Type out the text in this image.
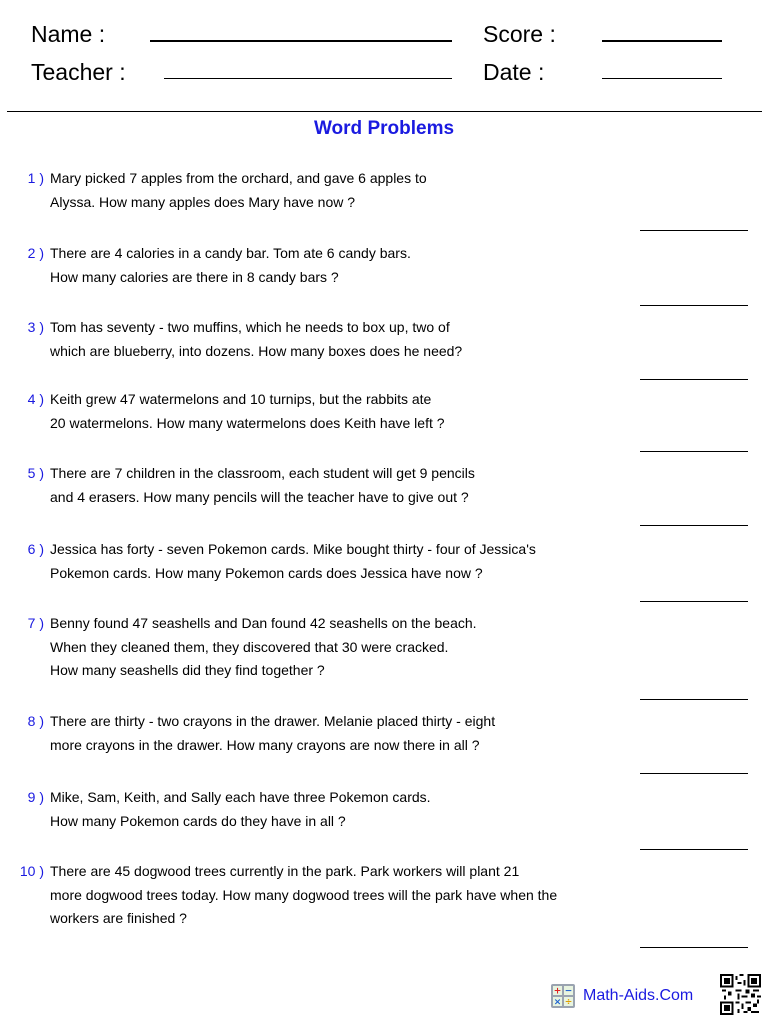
Name :
Teacher :
Score :
Date :
Word Problems
1 ) Mary picked 7 apples from the orchard, and gave 6 apples to
Alyssa. How many apples does Mary have now ?
2 ) There are 4 calories in a candy bar. Tom ate 6 candy bars.
How many calories are there in 8 candy bars ?
3 ) Tom has seventy - two muffins, which he needs to box up, two of
which are blueberry, into dozens. How many boxes does he need?
4 ) Keith grew 47 watermelons and 10 turnips, but the rabbits ate
20 watermelons. How many watermelons does Keith have left ?
5 ) There are 7 children in the classroom, each student will get 9 pencils
and 4 erasers. How many pencils will the teacher have to give out ?
6 ) Jessica has forty - seven Pokemon cards. Mike bought thirty - four of Jessica's
Pokemon cards. How many Pokemon cards does Jessica have now ?
7 ) Benny found 47 seashells and Dan found 42 seashells on the beach.
When they cleaned them, they discovered that 30 were cracked.
How many seashells did they find together ?
8 ) There are thirty - two crayons in the drawer. Melanie placed thirty - eight
more crayons in the drawer. How many crayons are now there in all ?
9 ) Mike, Sam, Keith, and Sally each have three Pokemon cards.
How many Pokemon cards do they have in all ?
10 ) There are 45 dogwood trees currently in the park. Park workers will plant 21
more dogwood trees today. How many dogwood trees will the park have when the
workers are finished ?
+ −
× ÷ Math-Aids.Com
